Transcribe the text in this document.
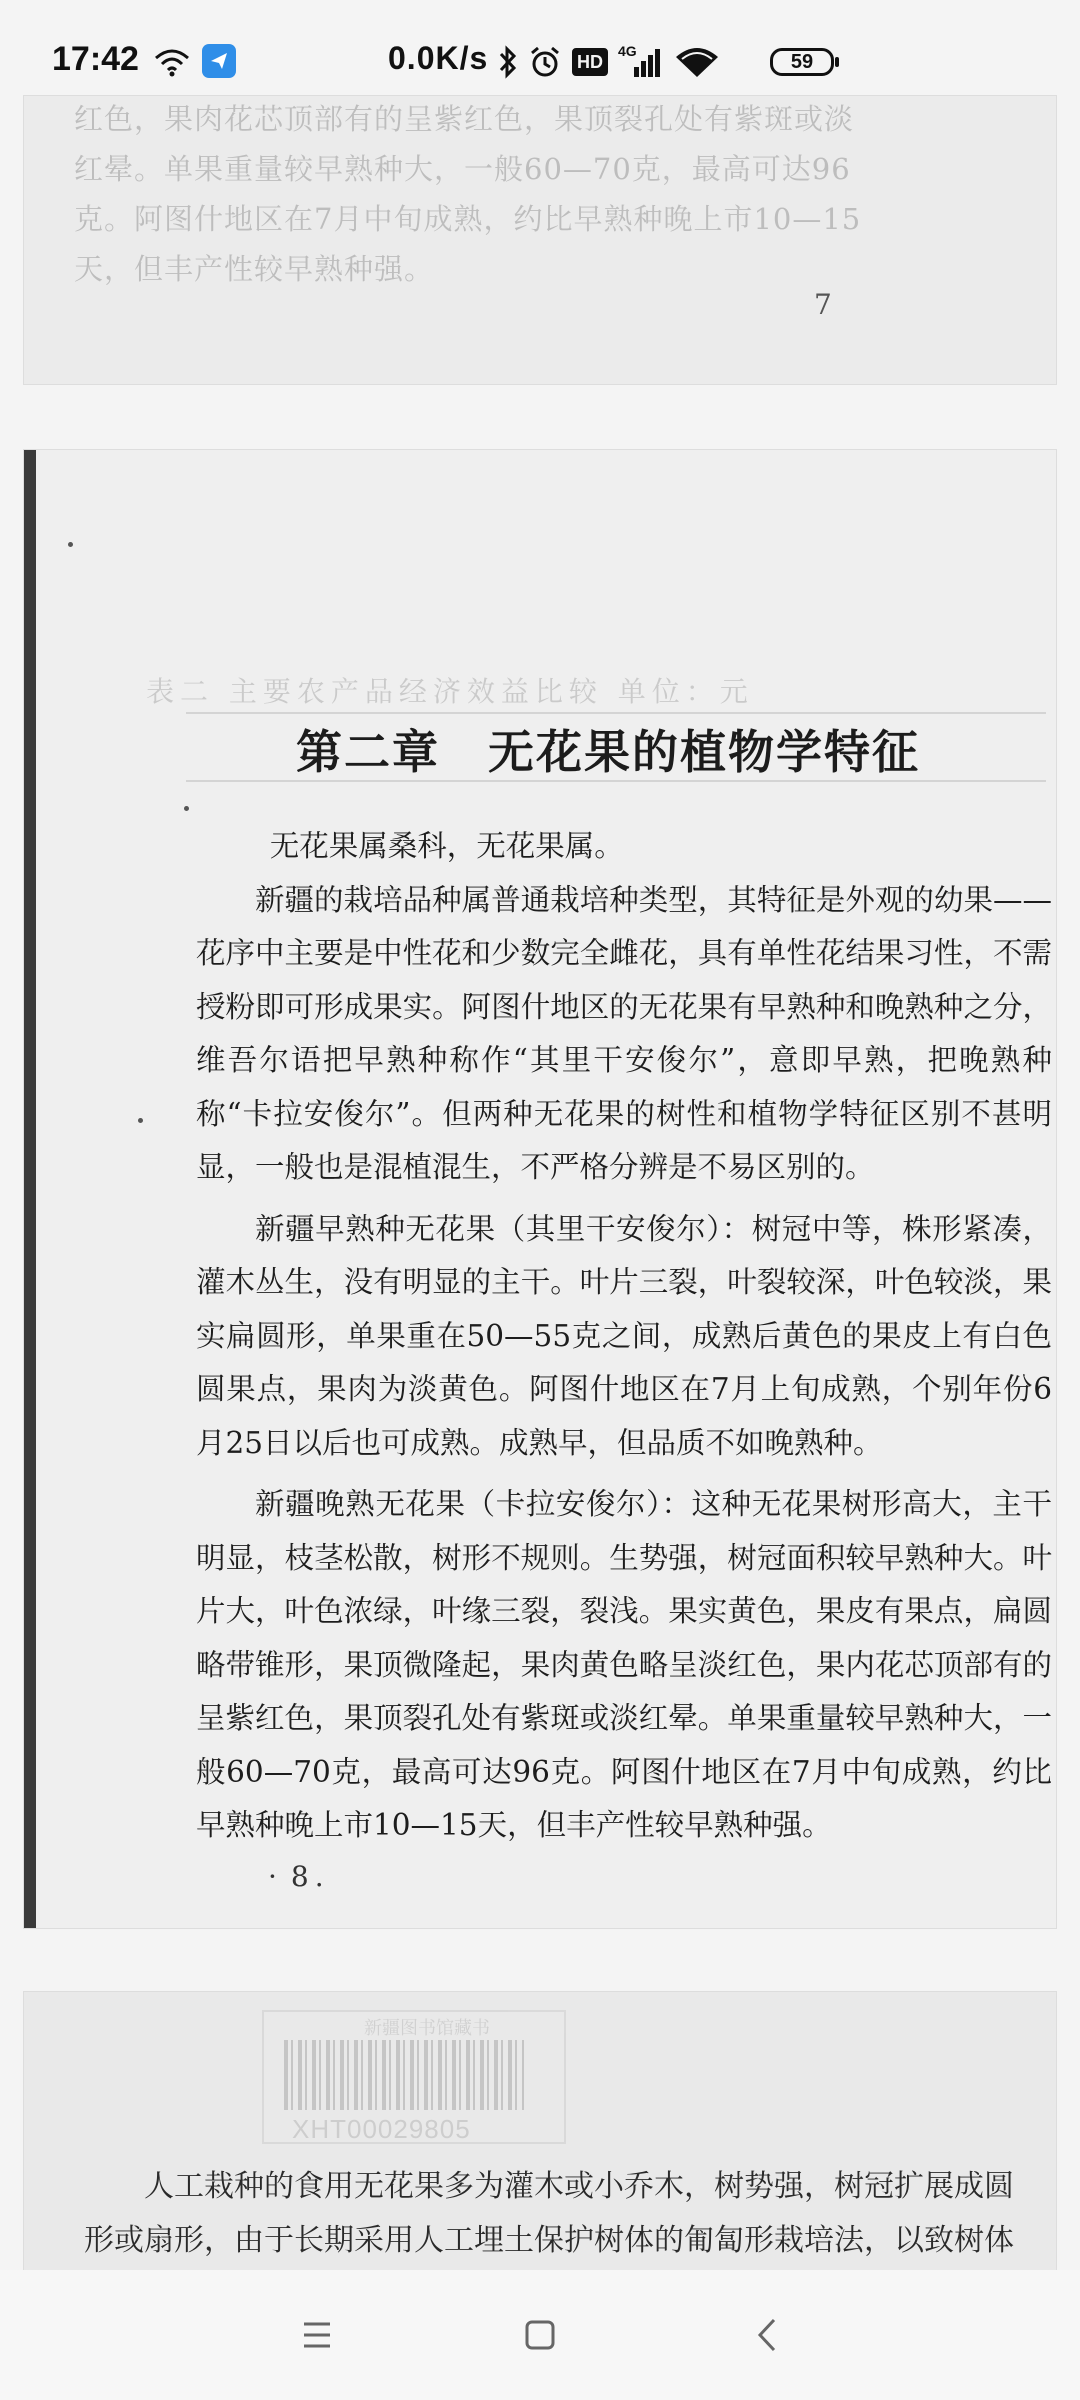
17:42	0.0K/s	HD
4G	59
红色，果肉花芯顶部有的呈紫红色，果顶裂孔处有紫斑或淡
红晕。单果重量较早熟种大，一般60—70克，最高可达96
克。阿图什地区在7月中旬成熟，约比早熟种晚上市10—15
天，但丰产性较早熟种强。
7
表二 主要农产品经济效益比较 单位：元
第二章　无花果的植物学特征

无花果属桑科，无花果属。

新疆的栽培品种属普通栽培种类型，其特征是外观的幼果——花序中主要是中性花和少数完全雌花，具有单性花结果习性，不需授粉即可形成果实。阿图什地区的无花果有早熟种和晚熟种之分，维吾尔语把早熟种称作“其里干安俊尔”，意即早熟，把晚熟种称“卡拉安俊尔”。但两种无花果的树性和植物学特征区别不甚明显，一般也是混植混生，不严格分辨是不易区别的。

新疆早熟种无花果（其里干安俊尔）：树冠中等，株形紧凑，灌木丛生，没有明显的主干。叶片三裂，叶裂较深，叶色较淡，果实扁圆形，单果重在50—55克之间，成熟后黄色的果皮上有白色圆果点，果肉为淡黄色。阿图什地区在7月上旬成熟，个别年份6月25日以后也可成熟。成熟早，但品质不如晚熟种。

新疆晚熟无花果（卡拉安俊尔）：这种无花果树形高大，主干明显，枝茎松散，树形不规则。生势强，树冠面积较早熟种大。叶片大，叶色浓绿，叶缘三裂，裂浅。果实黄色，果皮有果点，扁圆略带锥形，果顶微隆起，果肉黄色略呈淡红色，果内花芯顶部有的呈紫红色，果顶裂孔处有紫斑或淡红晕。单果重量较早熟种大，一般60—70克，最高可达96克。阿图什地区在7月中旬成熟，约比早熟种晚上市10—15天，但丰产性较早熟种强。

· 8 .
新疆图书馆藏书
XHT00029805

人工栽种的食用无花果多为灌木或小乔木，树势强，树冠扩展成圆形或扇形，由于长期采用人工埋土保护树体的匍匐形栽培法，以致树体
